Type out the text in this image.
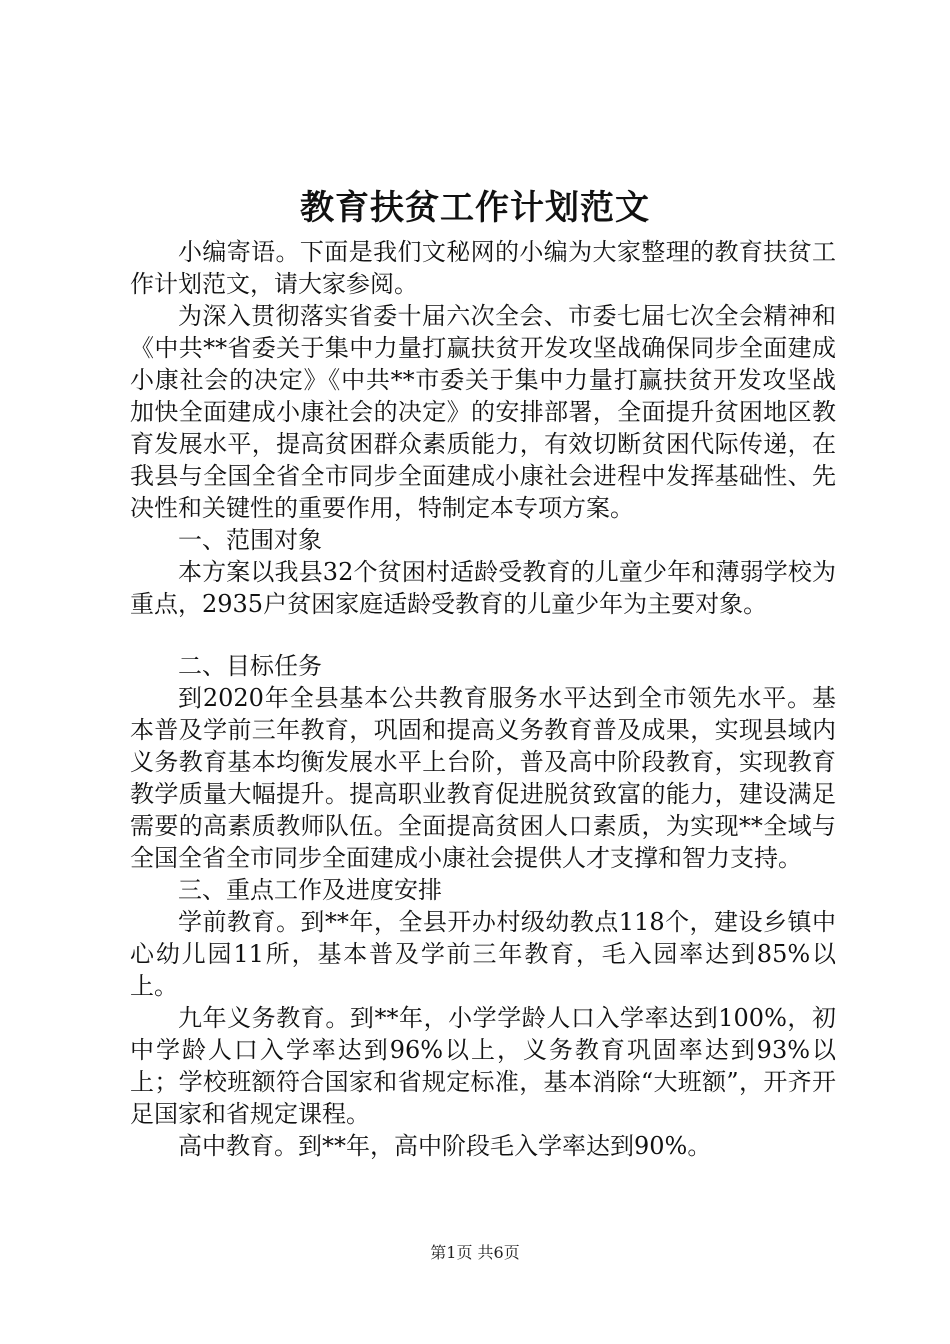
教育扶贫工作计划范文

小编寄语。下面是我们文秘网的小编为大家整理的教育扶贫工作计划范文，请大家参阅。

为深入贯彻落实省委十届六次全会、市委七届七次全会精神和《中共**省委关于集中力量打赢扶贫开发攻坚战确保同步全面建成小康社会的决定》《中共**市委关于集中力量打赢扶贫开发攻坚战加快全面建成小康社会的决定》的安排部署，全面提升贫困地区教育发展水平，提高贫困群众素质能力，有效切断贫困代际传递，在我县与全国全省全市同步全面建成小康社会进程中发挥基础性、先决性和关键性的重要作用，特制定本专项方案。

一、范围对象

本方案以我县32个贫困村适龄受教育的儿童少年和薄弱学校为重点，2935户贫困家庭适龄受教育的儿童少年为主要对象。

二、目标任务

到2020年全县基本公共教育服务水平达到全市领先水平。基本普及学前三年教育，巩固和提高义务教育普及成果，实现县域内义务教育基本均衡发展水平上台阶，普及高中阶段教育，实现教育教学质量大幅提升。提高职业教育促进脱贫致富的能力，建设满足需要的高素质教师队伍。全面提高贫困人口素质，为实现**全域与全国全省全市同步全面建成小康社会提供人才支撑和智力支持。

三、重点工作及进度安排

学前教育。到**年，全县开办村级幼教点118个，建设乡镇中心幼儿园11所，基本普及学前三年教育，毛入园率达到85%以上。

九年义务教育。到**年，小学学龄人口入学率达到100%，初中学龄人口入学率达到96%以上，义务教育巩固率达到93%以上；学校班额符合国家和省规定标准，基本消除“大班额”，开齐开足国家和省规定课程。

高中教育。到**年，高中阶段毛入学率达到90%。

第1页 共6页
